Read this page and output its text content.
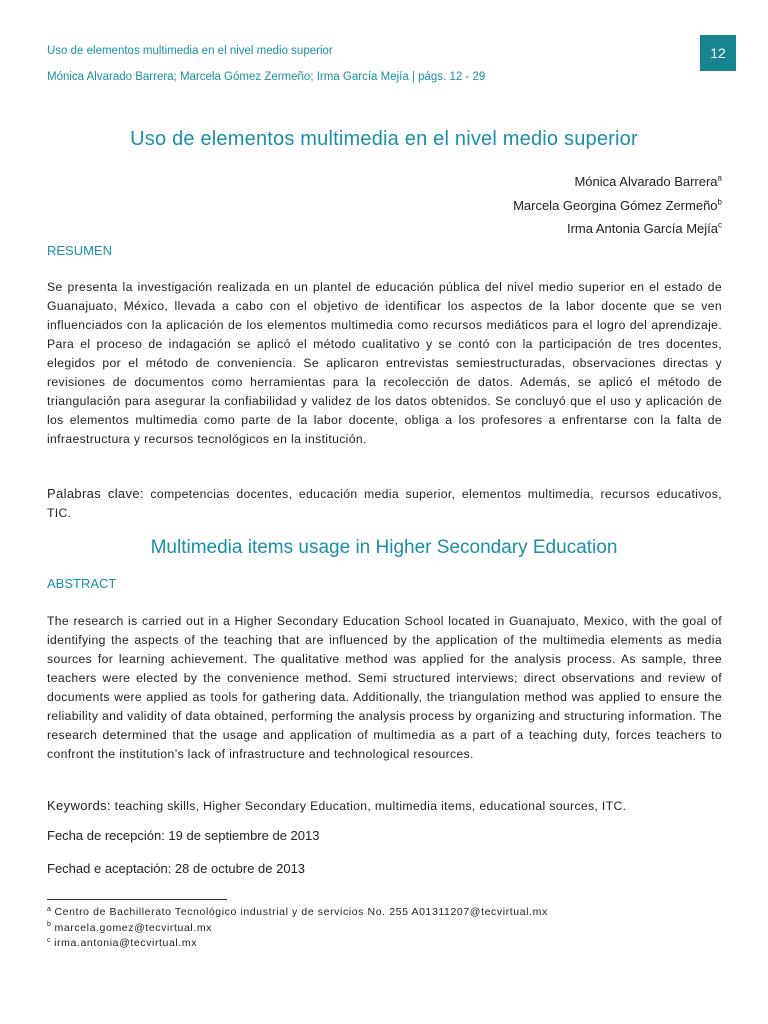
Uso de elementos multimedia en el nivel medio superior
Mónica Alvarado Barrera; Marcela Gómez Zermeño; Irma García Mejía | págs. 12 - 29
12
Uso de elementos multimedia en el nivel medio superior
Mónica Alvarado Barrera$^a$
Marcela Georgina Gómez Zermeño$^b$
Irma Antonia García Mejía$^c$
RESUMEN
Se presenta la investigación realizada en un plantel de educación pública del nivel medio superior en el estado de Guanajuato, México, llevada a cabo con el objetivo de identificar los aspectos de la labor docente que se ven influenciados con la aplicación de los elementos multimedia como recursos mediáticos para el logro del aprendizaje. Para el proceso de indagación se aplicó el método cualitativo y se contó con la participación de tres docentes, elegidos por el método de conveniencia. Se aplicaron entrevistas semiestructuradas, observaciones directas y revisiones de documentos como herramientas para la recolección de datos. Además, se aplicó el método de triangulación para asegurar la confiabilidad y validez de los datos obtenidos. Se concluyó que el uso y aplicación de los elementos multimedia como parte de la labor docente, obliga a los profesores a enfrentarse con la falta de infraestructura y recursos tecnológicos en la institución.
Palabras clave: competencias docentes, educación media superior, elementos multimedia, recursos educativos, TIC.
Multimedia items usage in Higher Secondary Education
ABSTRACT
The research is carried out in a Higher Secondary Education School located in Guanajuato, Mexico, with the goal of identifying the aspects of the teaching that are influenced by the application of the multimedia elements as media sources for learning achievement. The qualitative method was applied for the analysis process. As sample, three teachers were elected by the convenience method. Semi structured interviews; direct observations and review of documents were applied as tools for gathering data. Additionally, the triangulation method was applied to ensure the reliability and validity of data obtained, performing the analysis process by organizing and structuring information. The research determined that the usage and application of multimedia as a part of a teaching duty, forces teachers to confront the institution’s lack of infrastructure and technological resources.
Keywords: teaching skills, Higher Secondary Education, multimedia items, educational sources, ITC.
Fecha de recepción: 19 de septiembre de 2013
Fechad e aceptación: 28 de octubre de 2013
$^a$ Centro de Bachillerato Tecnológico industrial y de servicios No. 255 A01311207@tecvirtual.mx
$^b$ marcela.gomez@tecvirtual.mx
$^c$ irma.antonia@tecvirtual.mx
